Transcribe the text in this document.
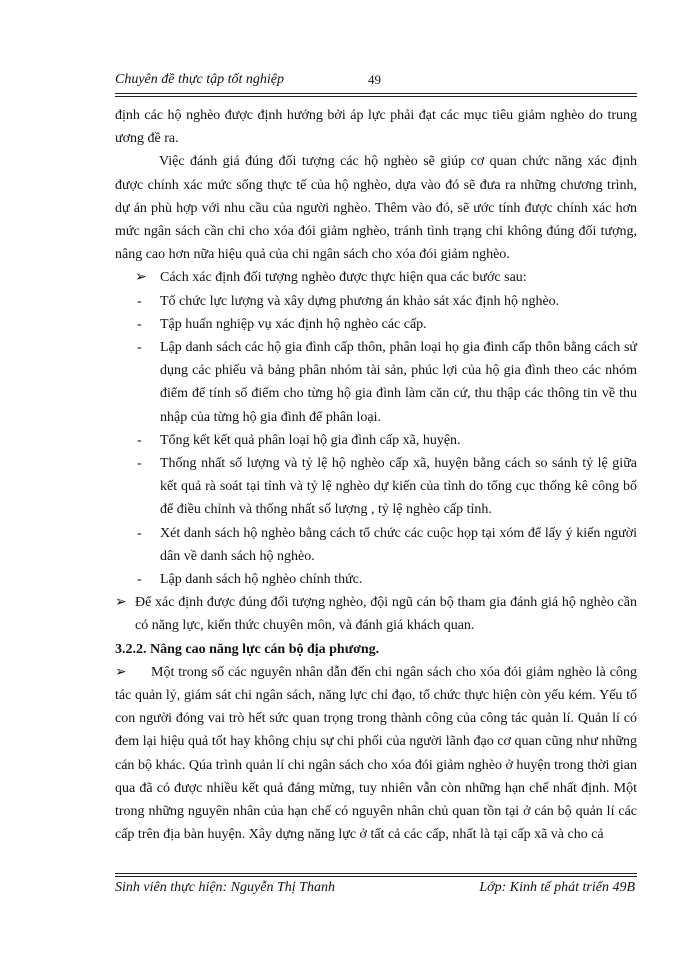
Chuyên đề thực tập tốt nghiệp	49

định các hộ nghèo được định hướng bởi áp lực phải đạt các mục tiêu giảm nghèo do trung ương đề ra.

Việc đánh giá đúng đối tượng các hộ nghèo sẽ giúp cơ quan chức năng xác định được chính xác mức sống thực tế của hộ nghèo, dựa vào đó sẽ đưa ra những chương trình, dự án phù hợp với nhu cầu của người nghèo. Thêm vào đó, sẽ ước tính được chính xác hơn mức ngân sách cần chi cho xóa đói giảm nghèo, tránh tình trạng chi không đúng đối tượng, nâng cao hơn nữa hiệu quả của chi ngân sách cho xóa đói giảm nghèo.

➢ Cách xác định đối tượng nghèo được thực hiện qua các bước sau:
- Tổ chức lực lượng và xây dựng phương án khảo sát xác định hộ nghèo.
- Tập huấn nghiệp vụ xác định hộ nghèo các cấp.
- Lập danh sách các hộ gia đình cấp thôn, phân loại họ gia đình cấp thôn bằng cách sử dụng các phiếu và bảng phân nhóm tài sản, phúc lợi của hộ gia đình theo các nhóm điểm để tính số điểm cho từng hộ gia đình làm căn cứ, thu thập các thông tin về thu nhập của từng hộ gia đình để phân loại.
- Tổng kết kết quả phân loại hộ gia đình cấp xã, huyện.
- Thống nhất số lượng và tỷ lệ hộ nghèo cấp xã, huyện bằng cách so sánh tỷ lệ giữa kết quả rà soát tại tỉnh và tỷ lệ nghèo dự kiến của tỉnh do tổng cục thống kê công bố để điều chỉnh và thống nhất số lượng , tỷ lệ nghèo cấp tỉnh.
- Xét danh sách hộ nghèo bằng cách tổ chức các cuộc họp tại xóm để lấy ý kiến người dân về danh sách hộ nghèo.
- Lập danh sách hộ nghèo chính thức.
➢ Để xác định được đúng đối tượng nghèo, đội ngũ cán bộ tham gia đánh giá hộ nghèo cần có năng lực, kiến thức chuyên môn, và đánh giá khách quan.

3.2.2. Nâng cao năng lực cán bộ địa phương.

➢ Một trong số các nguyên nhân dẫn đến chi ngân sách cho xóa đói giảm nghèo là công tác quản lý, giám sát chi ngân sách, năng lực chỉ đạo, tổ chức thực hiện còn yếu kém. Yếu tố con người đóng vai trò hết sức quan trọng trong thành công của công tác quản lí. Quản lí có đem lại hiệu quả tốt hay không chịu sự chi phối của người lãnh đạo cơ quan cũng như những cán bộ khác. Qúa trình quản lí chi ngân sách cho xóa đói giảm nghèo ở huyện trong thời gian qua đã có được nhiều kết quả đáng mừng, tuy nhiên vẫn còn những hạn chế nhất định. Một trong những nguyên nhân của hạn chế có nguyên nhân chủ quan tồn tại ở cán bộ quản lí các cấp trên địa bàn huyện. Xây dựng năng lực ở tất cả các cấp, nhất là tại cấp xã và cho cả

Sinh viên thực hiện: Nguyễn Thị Thanh	Lớp: Kinh tế phát triển 49B
